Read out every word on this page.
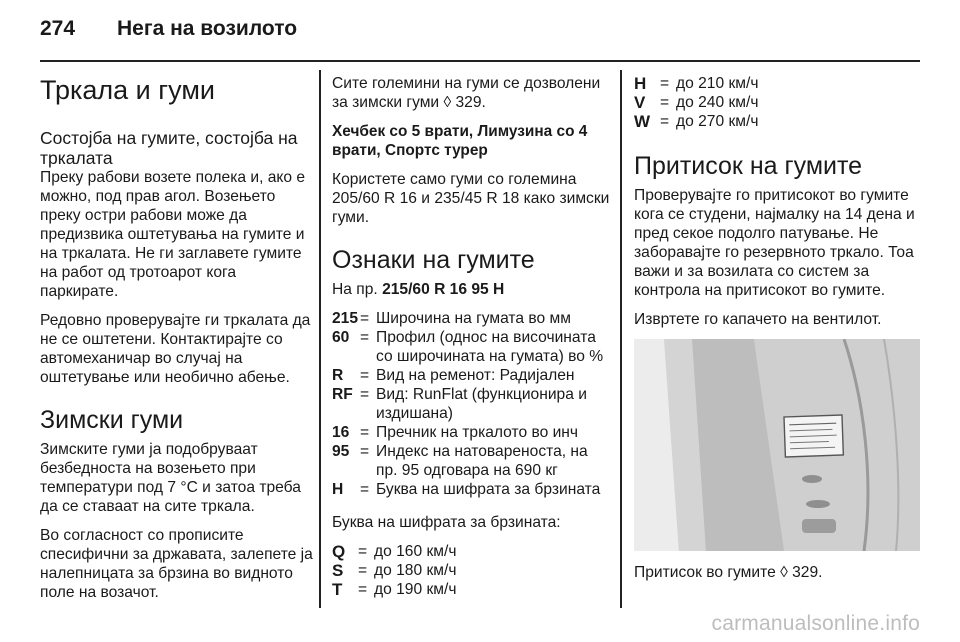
274	Нега на возилото
Тркала и гуми
Состојба на гумите, состојба на тркалата

Преку рабови возете полека и, ако е можно, под прав агол. Возењето преку остри рабови може да предизвика оштетувања на гумите и на тркалата. Не ги заглавете гумите на работ од тротоарот кога паркирате.

Редовно проверувајте ги тркалата да не се оштетени. Контактирајте со автомеханичар во случај на оштетување или необично абење.

Зимски гуми

Зимските гуми ја подобруваат безбедноста на возењето при температури под 7 °C и затоа треба да се ставаат на сите тркала.

Во согласност со прописите спесифични за државата, залепете ја налепницата за брзина во видното поле на возачот.

Сите големини на гуми се дозволени за зимски гуми ◊ 329.

Хечбек со 5 врати, Лимузина со 4 врати, Спортс турер

Користете само гуми со големина 205/60 R 16 и 235/45 R 18 како зимски гуми.

Ознаки на гумите

На пр. 215/60 R 16 95 H

215 = Широчина на гумата во мм
60 = Профил (однос на височината со широчината на гумата) во %
R	= Вид на ременот: Радијален
RF = Вид: RunFlat (функционира и издишана)
16 = Пречник на тркалото во инч
95 = Индекс на натовареноста, на пр. 95 одговара на 690 кг
H	= Буква на шифрата за брзината

Буква на шифрата за брзината:

Q = до 160 км/ч
S = до 180 км/ч
T	= до 190 км/ч
H = до 210 км/ч
V = до 240 км/ч
W = до 270 км/ч
Притисок на гумите

Проверувајте го притисокот во гумите кога се студени, најмалку на 14 дена и пред секое подолго патување. Не заборавајте го резервното тркало. Тоа важи и за возилата со систем за контрола на притисокот во гумите.

Извртете го капачето на вентилот.

Притисок во гумите ◊ 329.

carmanualsonline.info
